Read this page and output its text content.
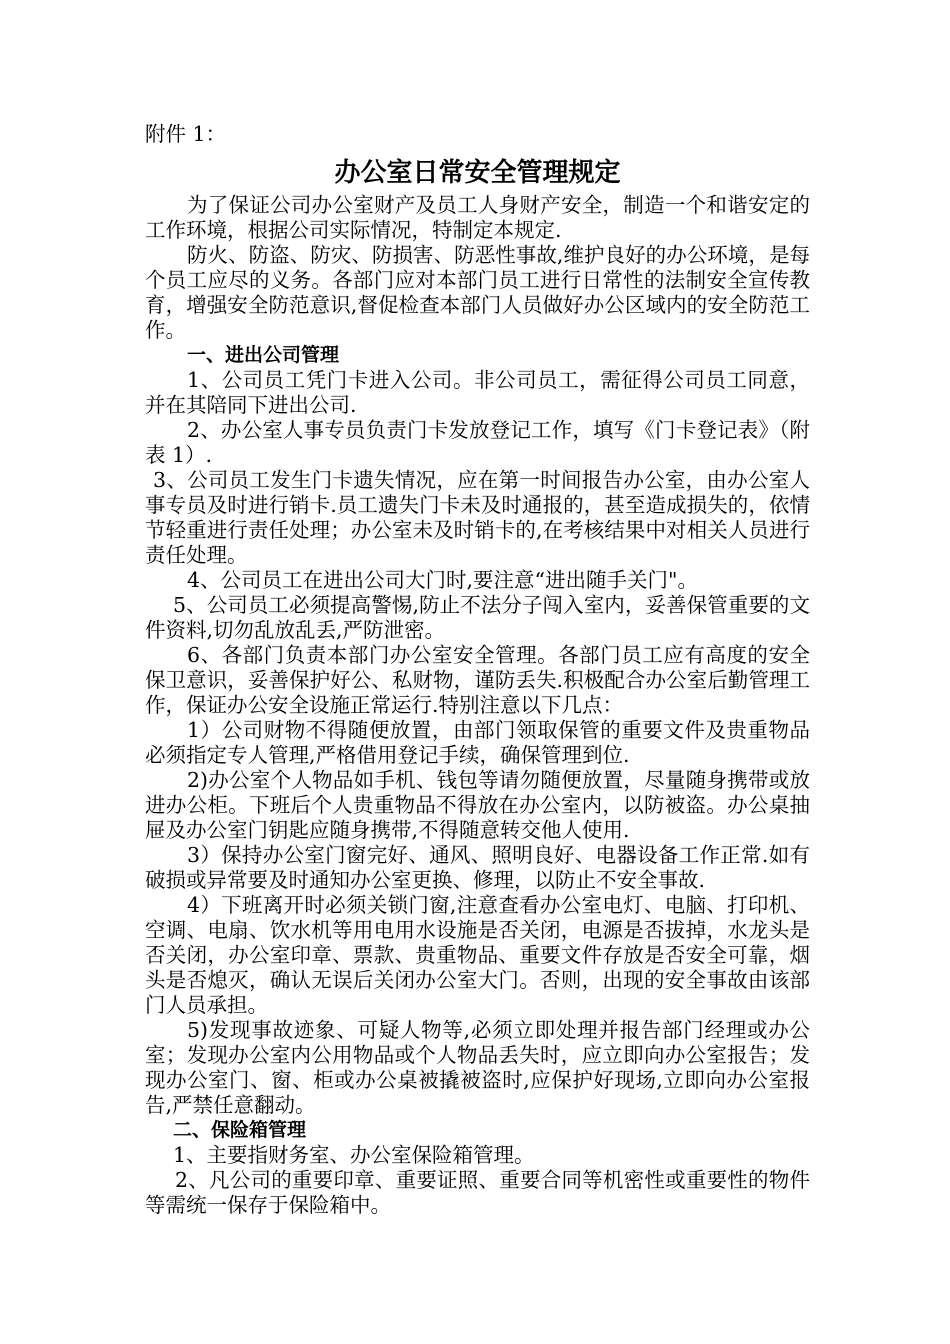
附件 1：
办公室日常安全管理规定

为了保证公司办公室财产及员工人身财产安全，制造一个和谐安定的工作环境，根据公司实际情况，特制定本规定.

防火、防盗、防灾、防损害、防恶性事故,维护良好的办公环境，是每个员工应尽的义务。各部门应对本部门员工进行日常性的法制安全宣传教育，增强安全防范意识,督促检查本部门人员做好办公区域内的安全防范工作。

一、进出公司管理

1、公司员工凭门卡进入公司。非公司员工，需征得公司员工同意，并在其陪同下进出公司.

2、办公室人事专员负责门卡发放登记工作，填写《门卡登记表》（附表 1）.

3、公司员工发生门卡遗失情况，应在第一时间报告办公室，由办公室人事专员及时进行销卡.员工遗失门卡未及时通报的，甚至造成损失的，依情节轻重进行责任处理；办公室未及时销卡的,在考核结果中对相关人员进行责任处理。

4、公司员工在进出公司大门时,要注意“进出随手关门"。

5、公司员工必须提高警惕,防止不法分子闯入室内，妥善保管重要的文件资料,切勿乱放乱丢,严防泄密。

6、各部门负责本部门办公室安全管理。各部门员工应有高度的安全保卫意识，妥善保护好公、私财物，谨防丢失.积极配合办公室后勤管理工作，保证办公安全设施正常运行.特别注意以下几点：

1）公司财物不得随便放置，由部门领取保管的重要文件及贵重物品必须指定专人管理,严格借用登记手续，确保管理到位.

2)办公室个人物品如手机、钱包等请勿随便放置，尽量随身携带或放进办公柜。下班后个人贵重物品不得放在办公室内，以防被盗。办公桌抽屉及办公室门钥匙应随身携带,不得随意转交他人使用.

3）保持办公室门窗完好、通风、照明良好、电器设备工作正常.如有破损或异常要及时通知办公室更换、修理，以防止不安全事故.

4）下班离开时必须关锁门窗,注意查看办公室电灯、电脑、打印机、空调、电扇、饮水机等用电用水设施是否关闭，电源是否拔掉，水龙头是否关闭，办公室印章、票款、贵重物品、重要文件存放是否安全可靠，烟头是否熄灭，确认无误后关闭办公室大门。否则，出现的安全事故由该部门人员承担。

5)发现事故迹象、可疑人物等,必须立即处理并报告部门经理或办公室；发现办公室内公用物品或个人物品丢失时，应立即向办公室报告；发现办公室门、窗、柜或办公桌被撬被盗时,应保护好现场,立即向办公室报告,严禁任意翻动。

二、保险箱管理

1、主要指财务室、办公室保险箱管理。

2、凡公司的重要印章、重要证照、重要合同等机密性或重要性的物件等需统一保存于保险箱中。
